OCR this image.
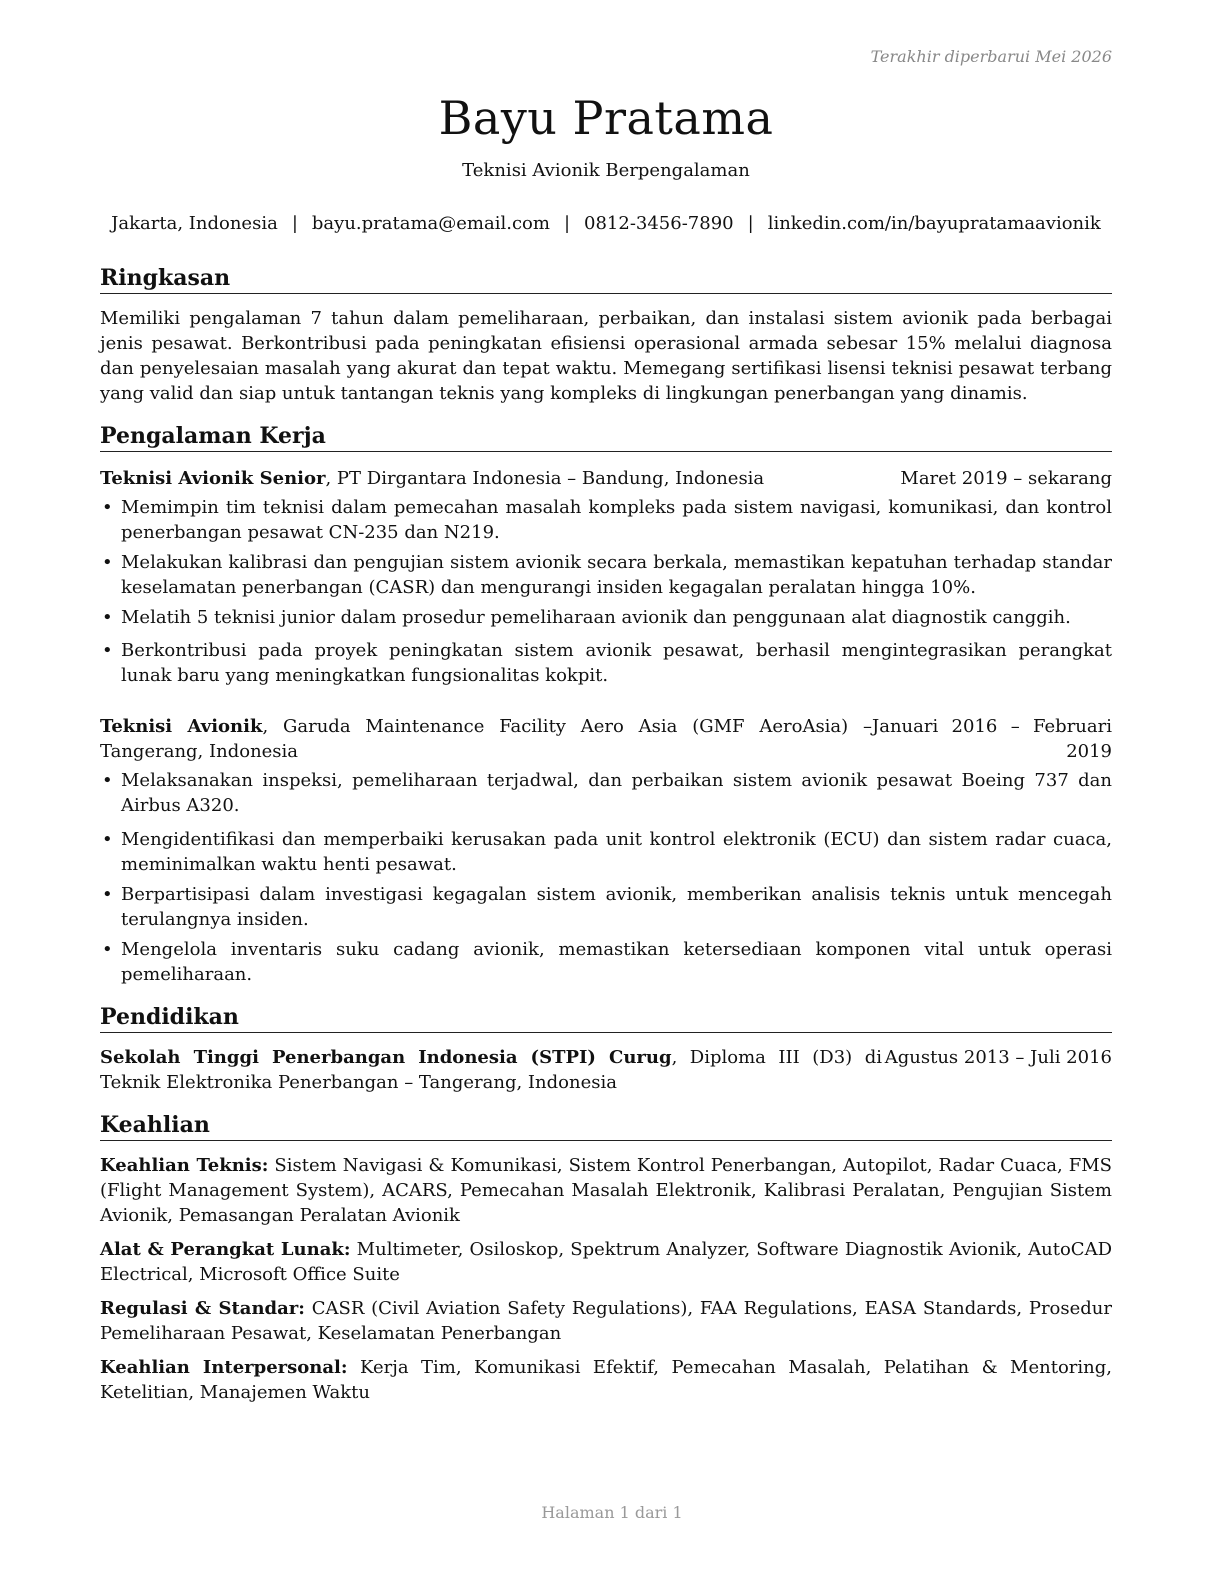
Terakhir diperbarui Mei 2026
Bayu Pratama
Teknisi Avionik Berpengalaman
Jakarta, Indonesia | bayu.pratama@email.com | 0812-3456-7890 | linkedin.com/in/bayupratamaavionik
Ringkasan
Memiliki pengalaman 7 tahun dalam pemeliharaan, perbaikan, dan instalasi sistem avionik pada berbagai jenis pesawat. Berkontribusi pada peningkatan efisiensi operasional armada sebesar 15% melalui diagnosa dan penyelesaian masalah yang akurat dan tepat waktu. Memegang sertifikasi lisensi teknisi pesawat terbang yang valid dan siap untuk tantangan teknis yang kompleks di lingkungan penerbangan yang dinamis.
Pengalaman Kerja
Teknisi Avionik Senior, PT Dirgantara Indonesia – Bandung, Indonesia	Maret 2019 – sekarang
• Memimpin tim teknisi dalam pemecahan masalah kompleks pada sistem navigasi, komunikasi, dan kontrol penerbangan pesawat CN-235 dan N219.
• Melakukan kalibrasi dan pengujian sistem avionik secara berkala, memastikan kepatuhan terhadap standar keselamatan penerbangan (CASR) dan mengurangi insiden kegagalan peralatan hingga 10%.
• Melatih 5 teknisi junior dalam prosedur pemeliharaan avionik dan penggunaan alat diagnostik canggih.
• Berkontribusi pada proyek peningkatan sistem avionik pesawat, berhasil mengintegrasikan perangkat lunak baru yang meningkatkan fungsionalitas kokpit.
Teknisi Avionik, Garuda Maintenance Facility Aero Asia (GMF AeroAsia) – Tangerang, Indonesia
Januari 2016 – Februari 2019
• Melaksanakan inspeksi, pemeliharaan terjadwal, dan perbaikan sistem avionik pesawat Boeing 737 dan Airbus A320.
• Mengidentifikasi dan memperbaiki kerusakan pada unit kontrol elektronik (ECU) dan sistem radar cuaca, meminimalkan waktu henti pesawat.
• Berpartisipasi dalam investigasi kegagalan sistem avionik, memberikan analisis teknis untuk mencegah terulangnya insiden.
• Mengelola inventaris suku cadang avionik, memastikan ketersediaan komponen vital untuk operasi pemeliharaan.
Pendidikan
Sekolah Tinggi Penerbangan Indonesia (STPI) Curug, Diploma III (D3) di Teknik Elektronika Penerbangan – Tangerang, Indonesia
Agustus 2013 – Juli 2016
Keahlian
Keahlian Teknis: Sistem Navigasi & Komunikasi, Sistem Kontrol Penerbangan, Autopilot, Radar Cuaca, FMS (Flight Management System), ACARS, Pemecahan Masalah Elektronik, Kalibrasi Peralatan, Pengujian Sistem Avionik, Pemasangan Peralatan Avionik
Alat & Perangkat Lunak: Multimeter, Osiloskop, Spektrum Analyzer, Software Diagnostik Avionik, AutoCAD Electrical, Microsoft Office Suite
Regulasi & Standar: CASR (Civil Aviation Safety Regulations), FAA Regulations, EASA Standards, Prosedur Pemeliharaan Pesawat, Keselamatan Penerbangan
Keahlian Interpersonal: Kerja Tim, Komunikasi Efektif, Pemecahan Masalah, Pelatihan & Mentoring, Ketelitian, Manajemen Waktu
Halaman 1 dari 1
